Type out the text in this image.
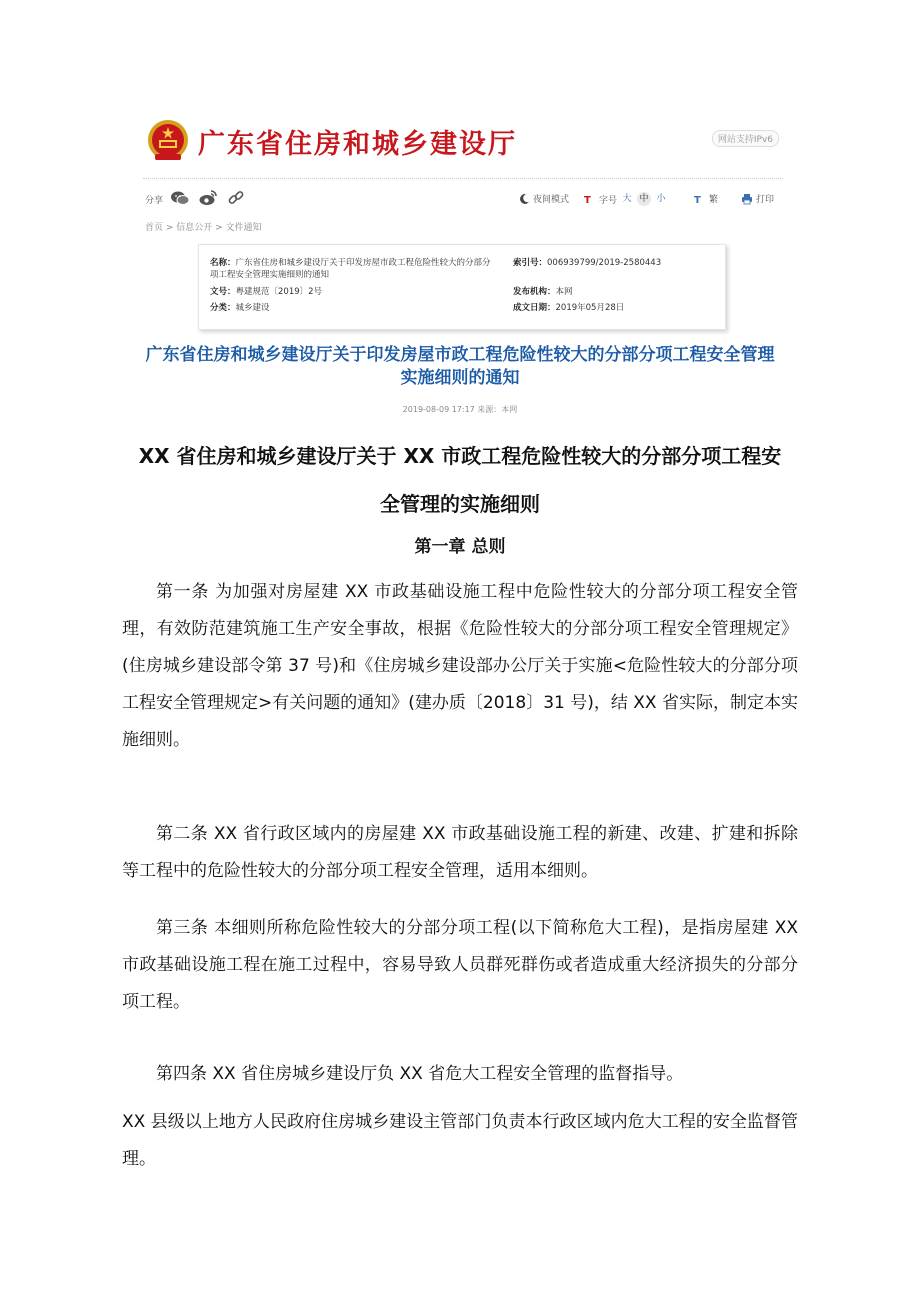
广东省住房和城乡建设厅	网站支持IPv6
分享	夜间模式 T 字号 大 中 小	T 繁	打印
首页 > 信息公开 > 文件通知
名称：广东省住房和城乡建设厅关于印发房屋市政工程危险性较大的分部分
项工程安全管理实施细则的通知
索引号：006939799/2019-2580443
文号：粤建规范〔2019〕2号	发布机构：本网
分类：城乡建设	成文日期：2019年05月28日
广东省住房和城乡建设厅关于印发房屋市政工程危险性较大的分部分项工程安全管理实施细则的通知
2019-08-09 17:17 来源：本网
XX 省住房和城乡建设厅关于 XX 市政工程危险性较大的分部分项工程安
全管理的实施细则
第一章 总则
第一条 为加强对房屋建 XX 市政基础设施工程中危险性较大的分部分项工程安全管理，有效防范建筑施工生产安全事故，根据《危险性较大的分部分项工程安全管理规定》(住房城乡建设部令第 37 号)和《住房城乡建设部办公厅关于实施<危险性较大的分部分项工程安全管理规定>有关问题的通知》(建办质〔2018〕31 号)，结 XX 省实际，制定本实施细则。
第二条 XX 省行政区域内的房屋建 XX 市政基础设施工程的新建、改建、扩建和拆除等工程中的危险性较大的分部分项工程安全管理，适用本细则。
第三条 本细则所称危险性较大的分部分项工程(以下简称危大工程)，是指房屋建 XX 市政基础设施工程在施工过程中，容易导致人员群死群伤或者造成重大经济损失的分部分项工程。
第四条 XX 省住房城乡建设厅负 XX 省危大工程安全管理的监督指导。
XX 县级以上地方人民政府住房城乡建设主管部门负责本行政区域内危大工程的安全监督管理。
